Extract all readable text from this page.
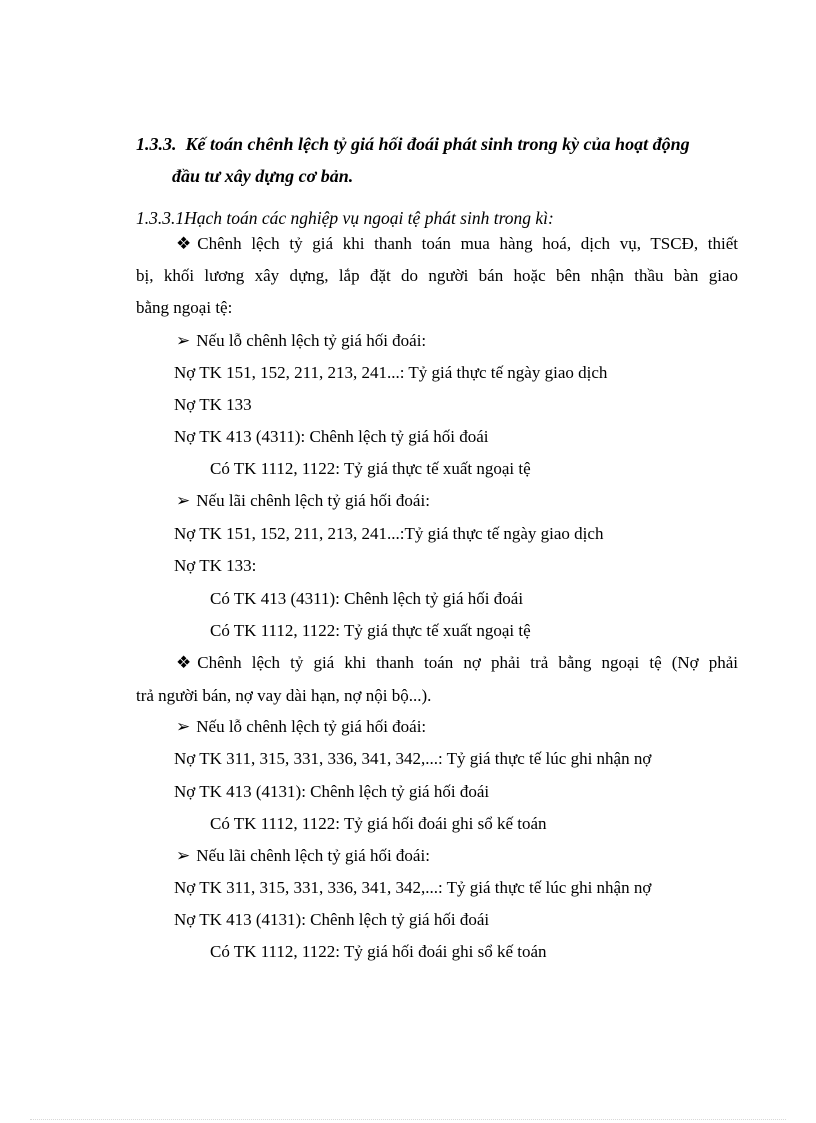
1.3.3. Kế toán chênh lệch tỷ giá hối đoái phát sinh trong kỳ của hoạt động
đầu tư xây dựng cơ bản.
1.3.3.1Hạch toán các nghiệp vụ ngoại tệ phát sinh trong kì:
❖ Chênh lệch tỷ giá khi thanh toán mua hàng hoá, dịch vụ, TSCĐ, thiết
bị, khối lương xây dựng, lắp đặt do người bán hoặc bên nhận thầu bàn giao
bằng ngoại tệ:
➢ Nếu lỗ chênh lệch tỷ giá hối đoái:
Nợ TK 151, 152, 211, 213, 241...: Tỷ giá thực tế ngày giao dịch
Nợ TK 133
Nợ TK 413 (4311): Chênh lệch tỷ giá hối đoái
Có TK 1112, 1122: Tỷ giá thực tế xuất ngoại tệ
➢ Nếu lãi chênh lệch tỷ giá hối đoái:
Nợ TK 151, 152, 211, 213, 241...:Tỷ giá thực tế ngày giao dịch
Nợ TK 133:
Có TK 413 (4311): Chênh lệch tỷ giá hối đoái
Có TK 1112, 1122: Tỷ giá thực tế xuất ngoại tệ
❖ Chênh lệch tỷ giá khi thanh toán nợ phải trả bằng ngoại tệ (Nợ phải
trả người bán, nợ vay dài hạn, nợ nội bộ...).
➢ Nếu lỗ chênh lệch tỷ giá hối đoái:
Nợ TK 311, 315, 331, 336, 341, 342,...: Tỷ giá thực tế lúc ghi nhận nợ
Nợ TK 413 (4131): Chênh lệch tỷ giá hối đoái
Có TK 1112, 1122: Tỷ giá hối đoái ghi sổ kế toán
➢ Nếu lãi chênh lệch tỷ giá hối đoái:
Nợ TK 311, 315, 331, 336, 341, 342,...: Tỷ giá thực tế lúc ghi nhận nợ
Nợ TK 413 (4131): Chênh lệch tỷ giá hối đoái
Có TK 1112, 1122: Tỷ giá hối đoái ghi sổ kế toán
